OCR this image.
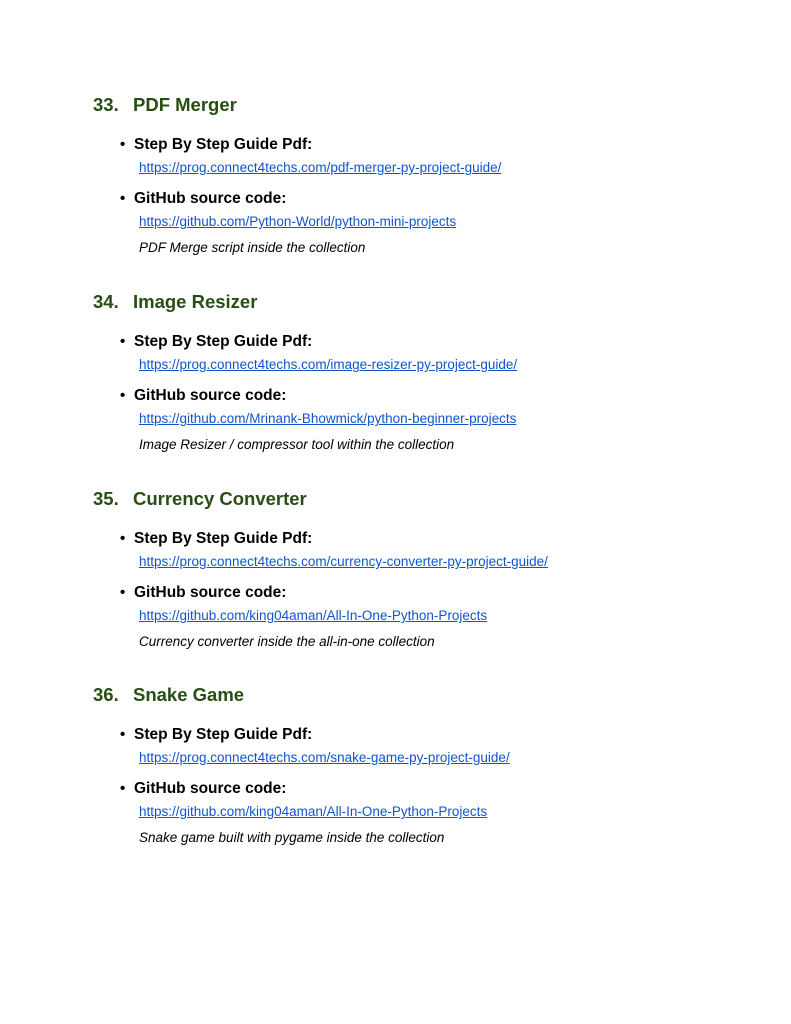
33. PDF Merger
• Step By Step Guide Pdf:
https://prog.connect4techs.com/pdf-merger-py-project-guide/
• GitHub source code:
https://github.com/Python-World/python-mini-projects
PDF Merge script inside the collection
34. Image Resizer
• Step By Step Guide Pdf:
https://prog.connect4techs.com/image-resizer-py-project-guide/
• GitHub source code:
https://github.com/Mrinank-Bhowmick/python-beginner-projects
Image Resizer / compressor tool within the collection
35. Currency Converter
• Step By Step Guide Pdf:
https://prog.connect4techs.com/currency-converter-py-project-guide/
• GitHub source code:
https://github.com/king04aman/All-In-One-Python-Projects
Currency converter inside the all-in-one collection
36. Snake Game
• Step By Step Guide Pdf:
https://prog.connect4techs.com/snake-game-py-project-guide/
• GitHub source code:
https://github.com/king04aman/All-In-One-Python-Projects
Snake game built with pygame inside the collection
